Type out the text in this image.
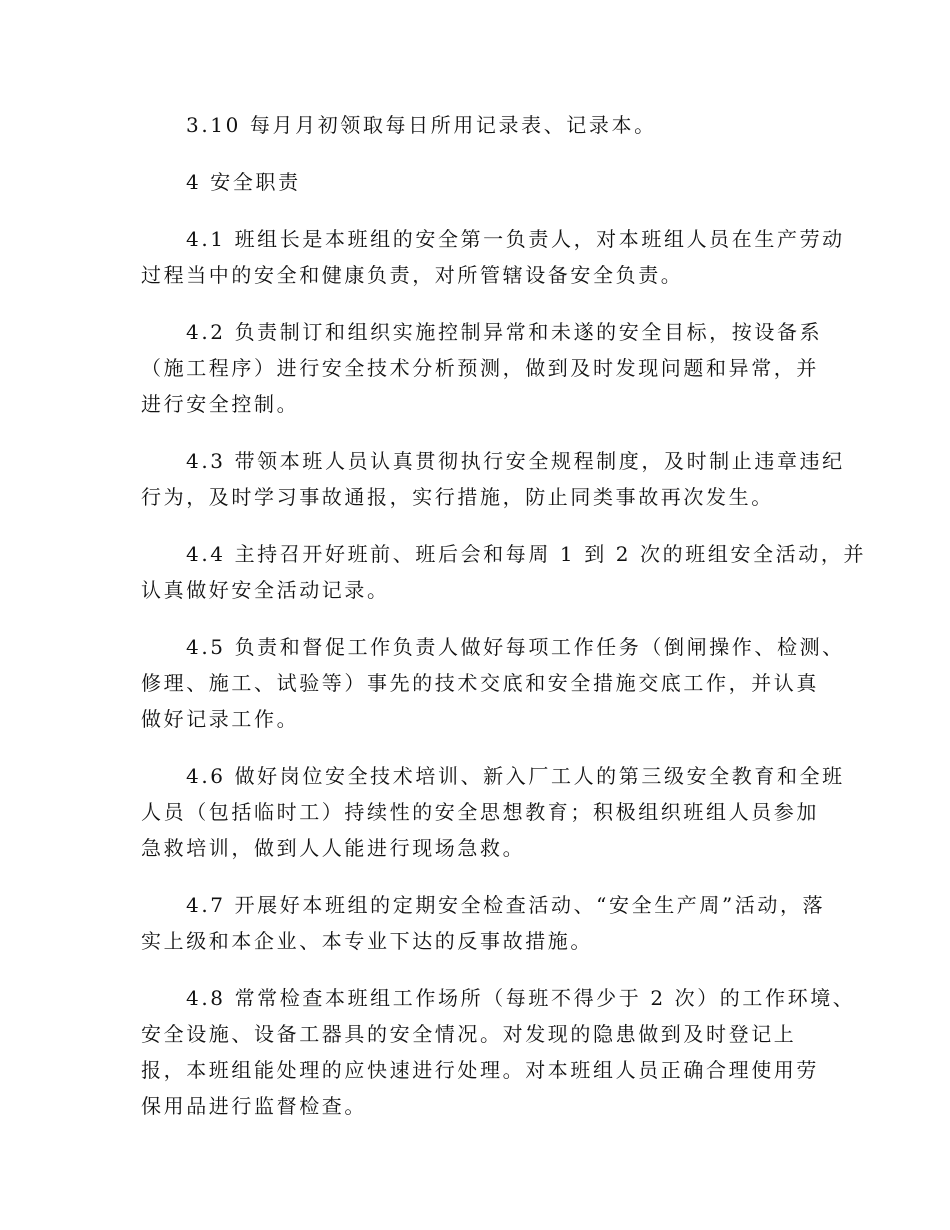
3.10 每月月初领取每日所用记录表、记录本。

4 安全职责

4.1 班组长是本班组的安全第一负责人，对本班组人员在生产劳动
过程当中的安全和健康负责，对所管辖设备安全负责。

4.2 负责制订和组织实施控制异常和未遂的安全目标，按设备系
（施工程序）进行安全技术分析预测，做到及时发现问题和异常，并
进行安全控制。

4.3 带领本班人员认真贯彻执行安全规程制度，及时制止违章违纪
行为，及时学习事故通报，实行措施，防止同类事故再次发生。

4.4 主持召开好班前、班后会和每周 1 到 2 次的班组安全活动，并
认真做好安全活动记录。

4.5 负责和督促工作负责人做好每项工作任务（倒闸操作、检测、
修理、施工、试验等）事先的技术交底和安全措施交底工作，并认真
做好记录工作。

4.6 做好岗位安全技术培训、新入厂工人的第三级安全教育和全班
人员（包括临时工）持续性的安全思想教育；积极组织班组人员参加
急救培训，做到人人能进行现场急救。

4.7 开展好本班组的定期安全检查活动、“安全生产周”活动，落
实上级和本企业、本专业下达的反事故措施。

4.8 常常检查本班组工作场所（每班不得少于 2 次）的工作环境、
安全设施、设备工器具的安全情况。对发现的隐患做到及时登记上
报，本班组能处理的应快速进行处理。对本班组人员正确合理使用劳
保用品进行监督检查。
